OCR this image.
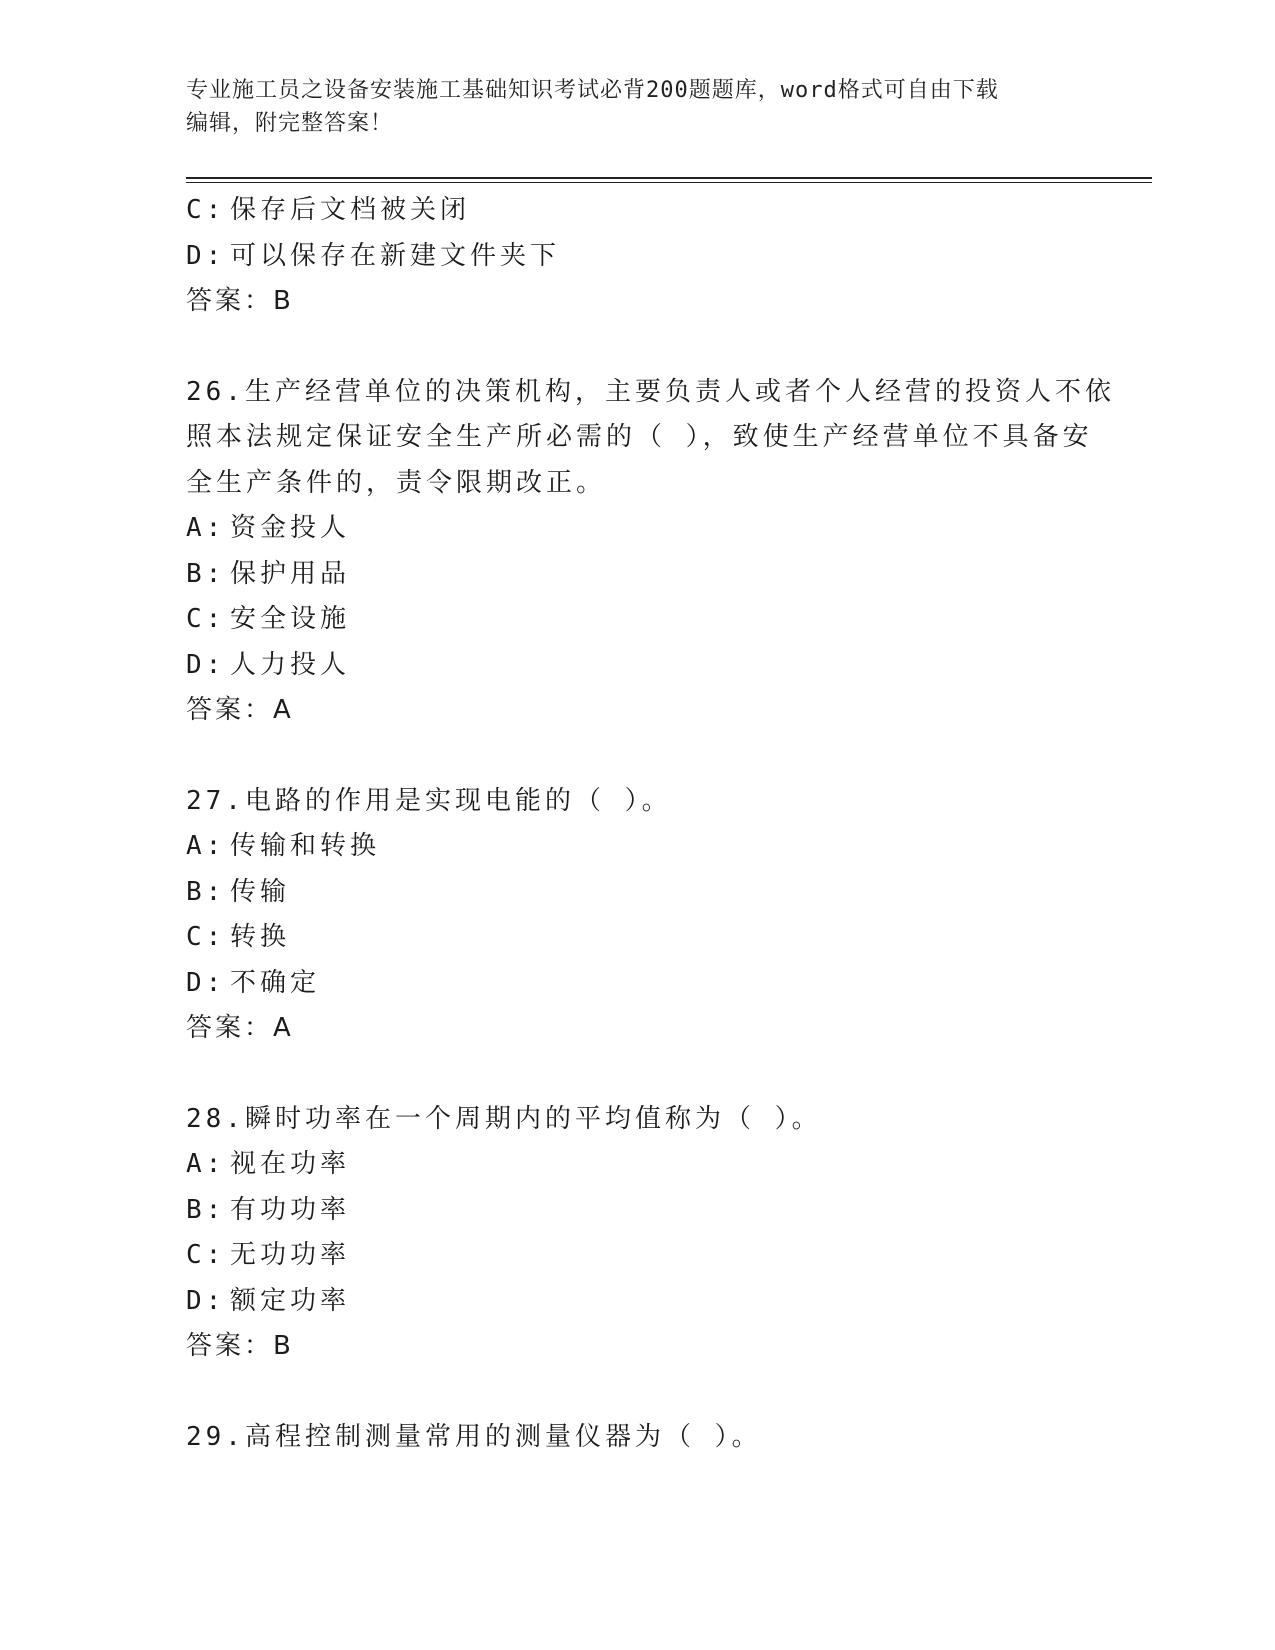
专业施工员之设备安装施工基础知识考试必背200题题库，word格式可自由下载
编辑，附完整答案！
C: 保存后文档被关闭
D: 可以保存在新建文件夹下
答案：B
26.生产经营单位的决策机构，主要负责人或者个人经营的投资人不依
照本法规定保证安全生产所必需的（ ），致使生产经营单位不具备安
全生产条件的，责令限期改正。
A: 资金投人
B: 保护用品
C: 安全设施
D: 人力投人
答案：A
27.电路的作用是实现电能的（ ）。
A: 传输和转换
B: 传输
C: 转换
D: 不确定
答案：A
28.瞬时功率在一个周期内的平均值称为（ ）。
A: 视在功率
B: 有功功率
C: 无功功率
D: 额定功率
答案：B
29.高程控制测量常用的测量仪器为（ ）。
